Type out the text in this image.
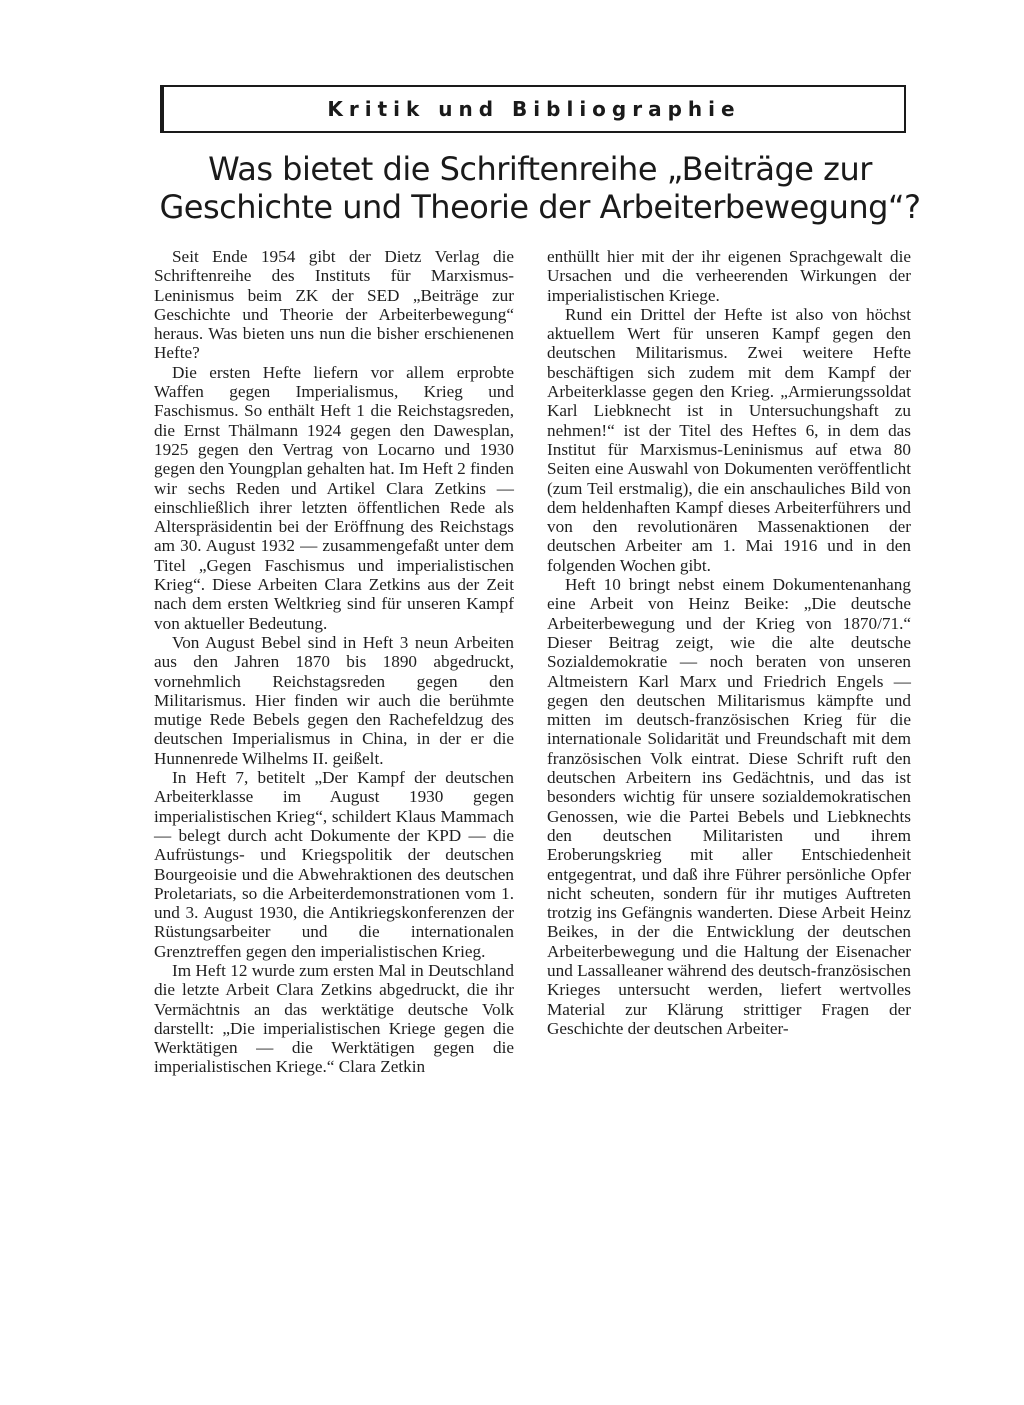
Kritik und Bibliographie
Was bietet die Schriftenreihe „Beiträge zur Geschichte und Theorie der Arbeiterbewegung“?

Seit Ende 1954 gibt der Dietz Verlag die Schriftenreihe des Instituts für Marxismus-Leninismus beim ZK der SED „Beiträge zur Geschichte und Theorie der Arbeiterbewegung“ heraus. Was bieten uns nun die bisher erschienenen Hefte?

Die ersten Hefte liefern vor allem erprobte Waffen gegen Imperialismus, Krieg und Faschismus. So enthält Heft 1 die Reichstagsreden, die Ernst Thälmann 1924 gegen den Dawesplan, 1925 gegen den Vertrag von Locarno und 1930 gegen den Youngplan gehalten hat. Im Heft 2 finden wir sechs Reden und Artikel Clara Zetkins — einschließlich ihrer letzten öffentlichen Rede als Alterspräsidentin bei der Eröffnung des Reichstags am 30. August 1932 — zusammengefaßt unter dem Titel „Gegen Faschismus und imperialistischen Krieg“. Diese Arbeiten Clara Zetkins aus der Zeit nach dem ersten Weltkrieg sind für unseren Kampf von aktueller Bedeutung.

Von August Bebel sind in Heft 3 neun Arbeiten aus den Jahren 1870 bis 1890 abgedruckt, vornehmlich Reichstagsreden gegen den Militarismus. Hier finden wir auch die berühmte mutige Rede Bebels gegen den Rachefeldzug des deutschen Imperialismus in China, in der er die Hunnenrede Wilhelms II. geißelt.

In Heft 7, betitelt „Der Kampf der deutschen Arbeiterklasse im August 1930 gegen imperialistischen Krieg“, schildert Klaus Mammach — belegt durch acht Dokumente der KPD — die Aufrüstungs- und Kriegspolitik der deutschen Bourgeoisie und die Abwehraktionen des deutschen Proletariats, so die Arbeiterdemonstrationen vom 1. und 3. August 1930, die Antikriegskonferenzen der Rüstungsarbeiter und die internationalen Grenztreffen gegen den imperialistischen Krieg.

Im Heft 12 wurde zum ersten Mal in Deutschland die letzte Arbeit Clara Zetkins abgedruckt, die ihr Vermächtnis an das werktätige deutsche Volk darstellt: „Die imperialistischen Kriege gegen die Werktätigen — die Werktätigen gegen die imperialistischen Kriege.“ Clara Zetkin

enthüllt hier mit der ihr eigenen Sprachgewalt die Ursachen und die verheerenden Wirkungen der imperialistischen Kriege.

Rund ein Drittel der Hefte ist also von höchst aktuellem Wert für unseren Kampf gegen den deutschen Militarismus. Zwei weitere Hefte beschäftigen sich zudem mit dem Kampf der Arbeiterklasse gegen den Krieg. „Armierungssoldat Karl Liebknecht ist in Untersuchungshaft zu nehmen!“ ist der Titel des Heftes 6, in dem das Institut für Marxismus-Leninismus auf etwa 80 Seiten eine Auswahl von Dokumenten veröffentlicht (zum Teil erstmalig), die ein anschauliches Bild von dem heldenhaften Kampf dieses Arbeiterführers und von den revolutionären Massenaktionen der deutschen Arbeiter am 1. Mai 1916 und in den folgenden Wochen gibt.

Heft 10 bringt nebst einem Dokumentenanhang eine Arbeit von Heinz Beike: „Die deutsche Arbeiterbewegung und der Krieg von 1870/71.“ Dieser Beitrag zeigt, wie die alte deutsche Sozialdemokratie — noch beraten von unseren Altmeistern Karl Marx und Friedrich Engels — gegen den deutschen Militarismus kämpfte und mitten im deutsch-französischen Krieg für die internationale Solidarität und Freundschaft mit dem französischen Volk eintrat. Diese Schrift ruft den deutschen Arbeitern ins Gedächtnis, und das ist besonders wichtig für unsere sozialdemokratischen Genossen, wie die Partei Bebels und Liebknechts den deutschen Militaristen und ihrem Eroberungskrieg mit aller Entschiedenheit entgegentrat, und daß ihre Führer persönliche Opfer nicht scheuten, sondern für ihr mutiges Auftreten trotzig ins Gefängnis wanderten. Diese Arbeit Heinz Beikes, in der die Entwicklung der deutschen Arbeiterbewegung und die Haltung der Eisenacher und Lassalleaner während des deutsch-französischen Krieges untersucht werden, liefert wertvolles Material zur Klärung strittiger Fragen der Geschichte der deutschen Arbeiter-
